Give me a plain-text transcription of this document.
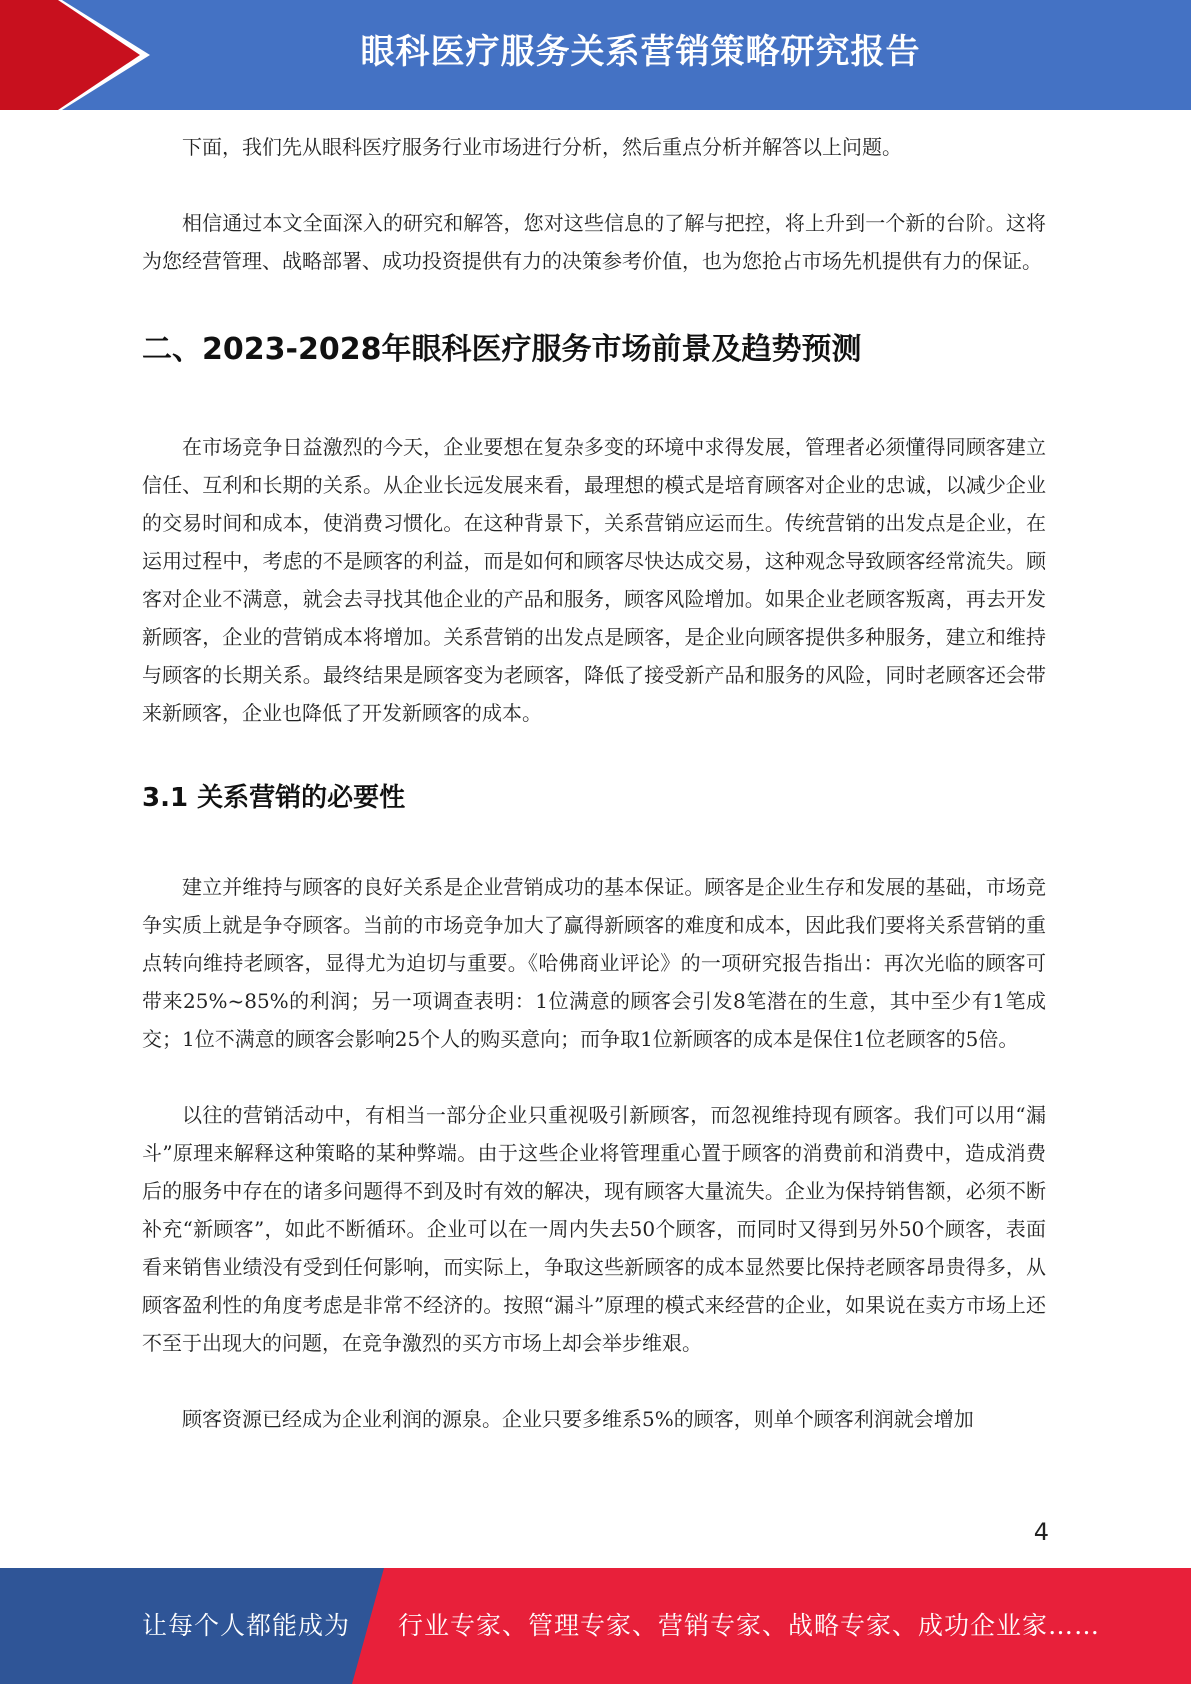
眼科医疗服务关系营销策略研究报告

下面，我们先从眼科医疗服务行业市场进行分析，然后重点分析并解答以上问题。

相信通过本文全面深入的研究和解答，您对这些信息的了解与把控，将上升到一个新的台阶。这将为您经营管理、战略部署、成功投资提供有力的决策参考价值，也为您抢占市场先机提供有力的保证。

二、2023-2028年眼科医疗服务市场前景及趋势预测

在市场竞争日益激烈的今天，企业要想在复杂多变的环境中求得发展，管理者必须懂得同顾客建立信任、互利和长期的关系。从企业长远发展来看，最理想的模式是培育顾客对企业的忠诚，以减少企业的交易时间和成本，使消费习惯化。在这种背景下，关系营销应运而生。传统营销的出发点是企业，在运用过程中，考虑的不是顾客的利益，而是如何和顾客尽快达成交易，这种观念导致顾客经常流失。顾客对企业不满意，就会去寻找其他企业的产品和服务，顾客风险增加。如果企业老顾客叛离，再去开发新顾客，企业的营销成本将增加。关系营销的出发点是顾客，是企业向顾客提供多种服务，建立和维持与顾客的长期关系。最终结果是顾客变为老顾客，降低了接受新产品和服务的风险，同时老顾客还会带来新顾客，企业也降低了开发新顾客的成本。

3.1 关系营销的必要性

建立并维持与顾客的良好关系是企业营销成功的基本保证。顾客是企业生存和发展的基础，市场竞争实质上就是争夺顾客。当前的市场竞争加大了赢得新顾客的难度和成本，因此我们要将关系营销的重点转向维持老顾客，显得尤为迫切与重要。《哈佛商业评论》的一项研究报告指出：再次光临的顾客可带来25%~85%的利润；另一项调查表明：1位满意的顾客会引发8笔潜在的生意，其中至少有1笔成交；1位不满意的顾客会影响25个人的购买意向；而争取1位新顾客的成本是保住1位老顾客的5倍。

以往的营销活动中，有相当一部分企业只重视吸引新顾客，而忽视维持现有顾客。我们可以用“漏斗”原理来解释这种策略的某种弊端。由于这些企业将管理重心置于顾客的消费前和消费中，造成消费后的服务中存在的诸多问题得不到及时有效的解决，现有顾客大量流失。企业为保持销售额，必须不断补充“新顾客”，如此不断循环。企业可以在一周内失去50个顾客，而同时又得到另外50个顾客，表面看来销售业绩没有受到任何影响，而实际上，争取这些新顾客的成本显然要比保持老顾客昂贵得多，从顾客盈利性的角度考虑是非常不经济的。按照“漏斗”原理的模式来经营的企业，如果说在卖方市场上还不至于出现大的问题，在竞争激烈的买方市场上却会举步维艰。

顾客资源已经成为企业利润的源泉。企业只要多维系5%的顾客，则单个顾客利润就会增加

4
让每个人都能成为 行业专家、管理专家、营销专家、战略专家、成功企业家……
